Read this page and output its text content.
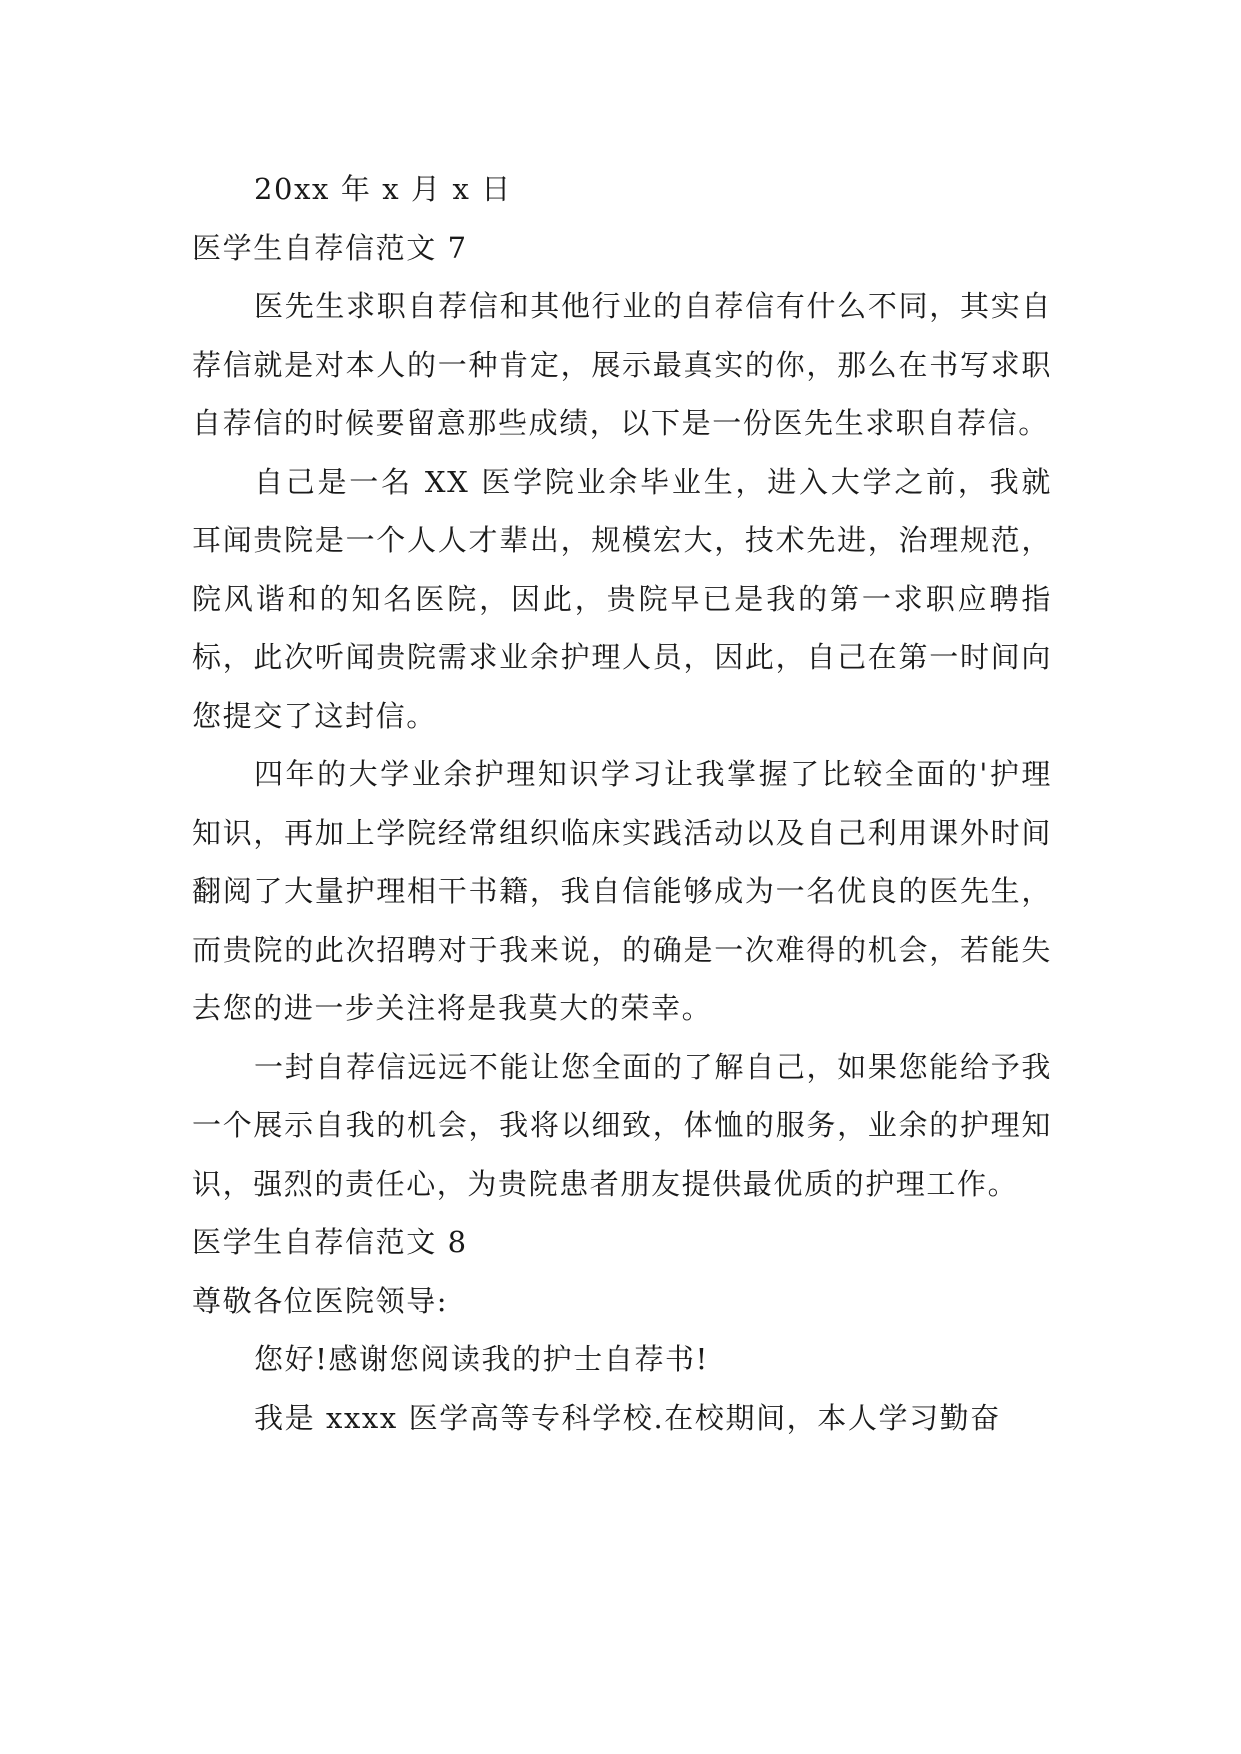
20xx 年 x 月 x 日
医学生自荐信范文 7

医先生求职自荐信和其他行业的自荐信有什么不同，其实自荐信就是对本人的一种肯定，展示最真实的你，那么在书写求职自荐信的时候要留意那些成绩，以下是一份医先生求职自荐信。

自己是一名 XX 医学院业余毕业生，进入大学之前，我就耳闻贵院是一个人人才辈出，规模宏大，技术先进，治理规范，院风谐和的知名医院，因此，贵院早已是我的第一求职应聘指标，此次听闻贵院需求业余护理人员，因此，自己在第一时间向您提交了这封信。

四年的大学业余护理知识学习让我掌握了比较全面的'护理知识，再加上学院经常组织临床实践活动以及自己利用课外时间翻阅了大量护理相干书籍，我自信能够成为一名优良的医先生，而贵院的此次招聘对于我来说，的确是一次难得的机会，若能失去您的进一步关注将是我莫大的荣幸。

一封自荐信远远不能让您全面的了解自己，如果您能给予我一个展示自我的机会，我将以细致，体恤的服务，业余的护理知识，强烈的责任心，为贵院患者朋友提供最优质的护理工作。

医学生自荐信范文 8
尊敬各位医院领导:
您好!感谢您阅读我的护士自荐书!
我是 xxxx 医学高等专科学校.在校期间，本人学习勤奋
